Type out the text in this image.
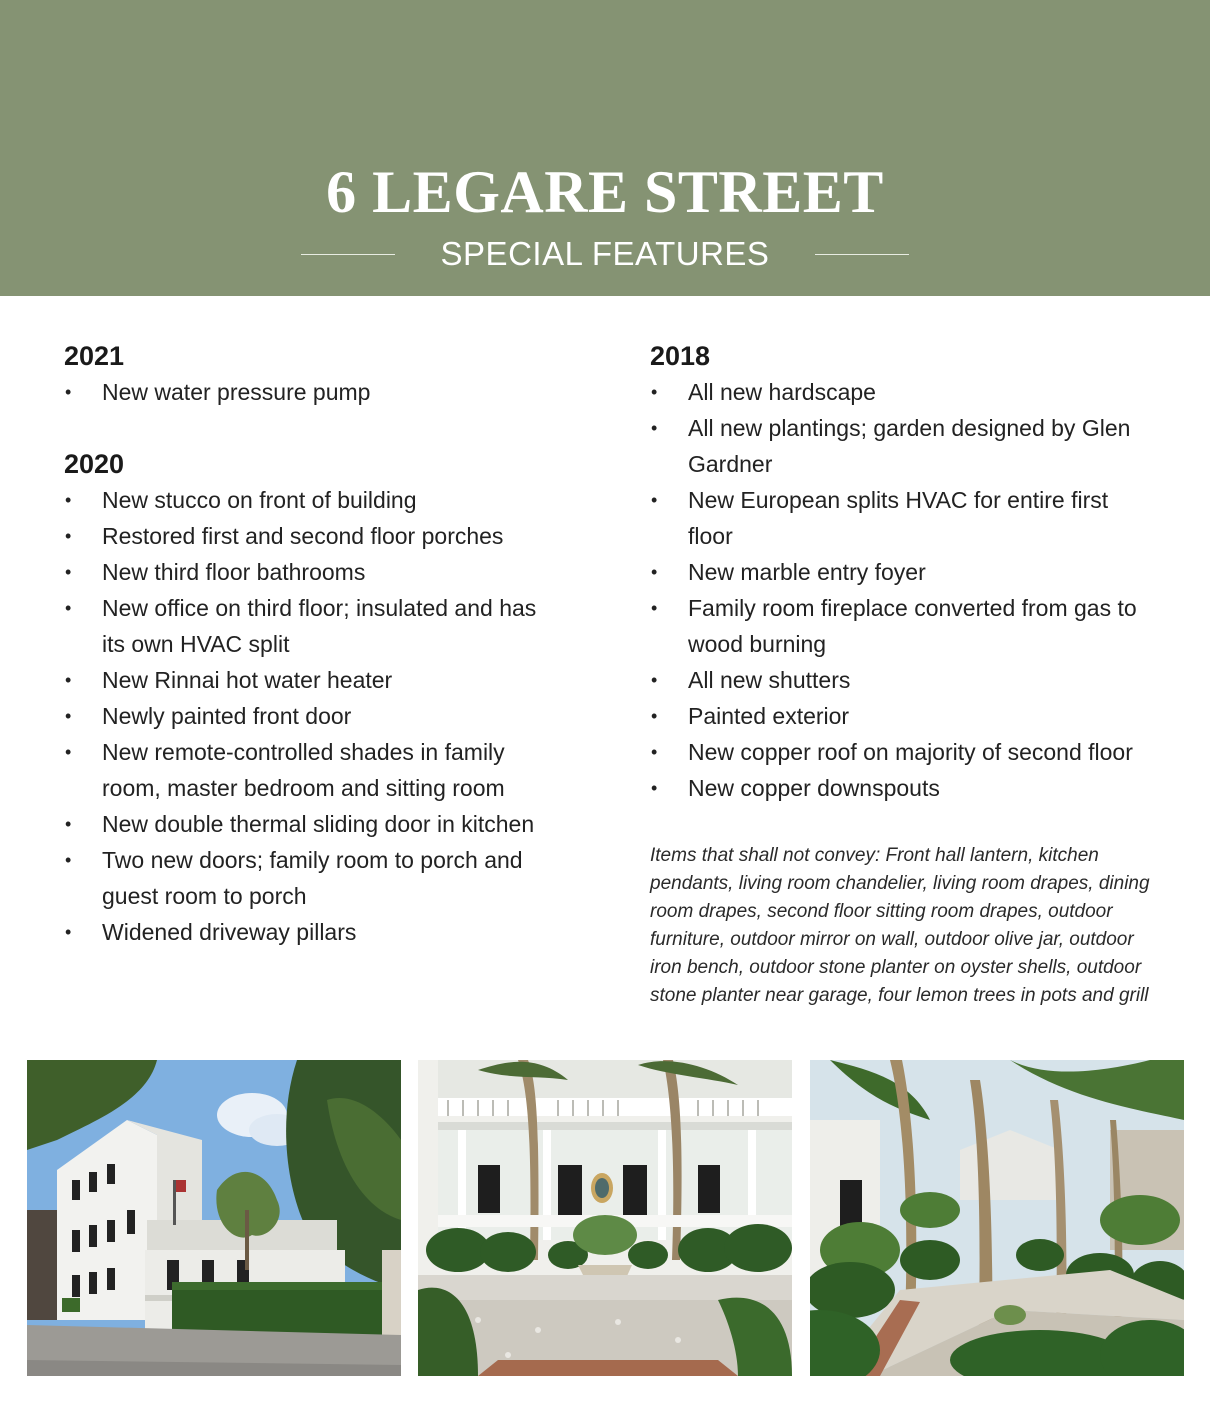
6 LEGARE STREET
SPECIAL FEATURES
2021
• New water pressure pump
2020
• New stucco on front of building
• Restored first and second floor porches
• New third floor bathrooms
• New office on third floor; insulated and has its own HVAC split
• New Rinnai hot water heater
• Newly painted front door
• New remote-controlled shades in family room, master bedroom and sitting room
• New double thermal sliding door in kitchen
• Two new doors; family room to porch and guest room to porch
• Widened driveway pillars
2018
• All new hardscape
• All new plantings; garden designed by Glen Gardner
• New European splits HVAC for entire first floor
• New marble entry foyer
• Family room fireplace converted from gas to wood burning
• All new shutters
• Painted exterior
• New copper roof on majority of second floor
• New copper downspouts
Items that shall not convey: Front hall lantern, kitchen pendants, living room chandelier, living room drapes, dining room drapes, second floor sitting room drapes, outdoor furniture, outdoor mirror on wall, outdoor olive jar, outdoor iron bench, outdoor stone planter on oyster shells, outdoor stone planter near garage, four lemon trees in pots and grill
